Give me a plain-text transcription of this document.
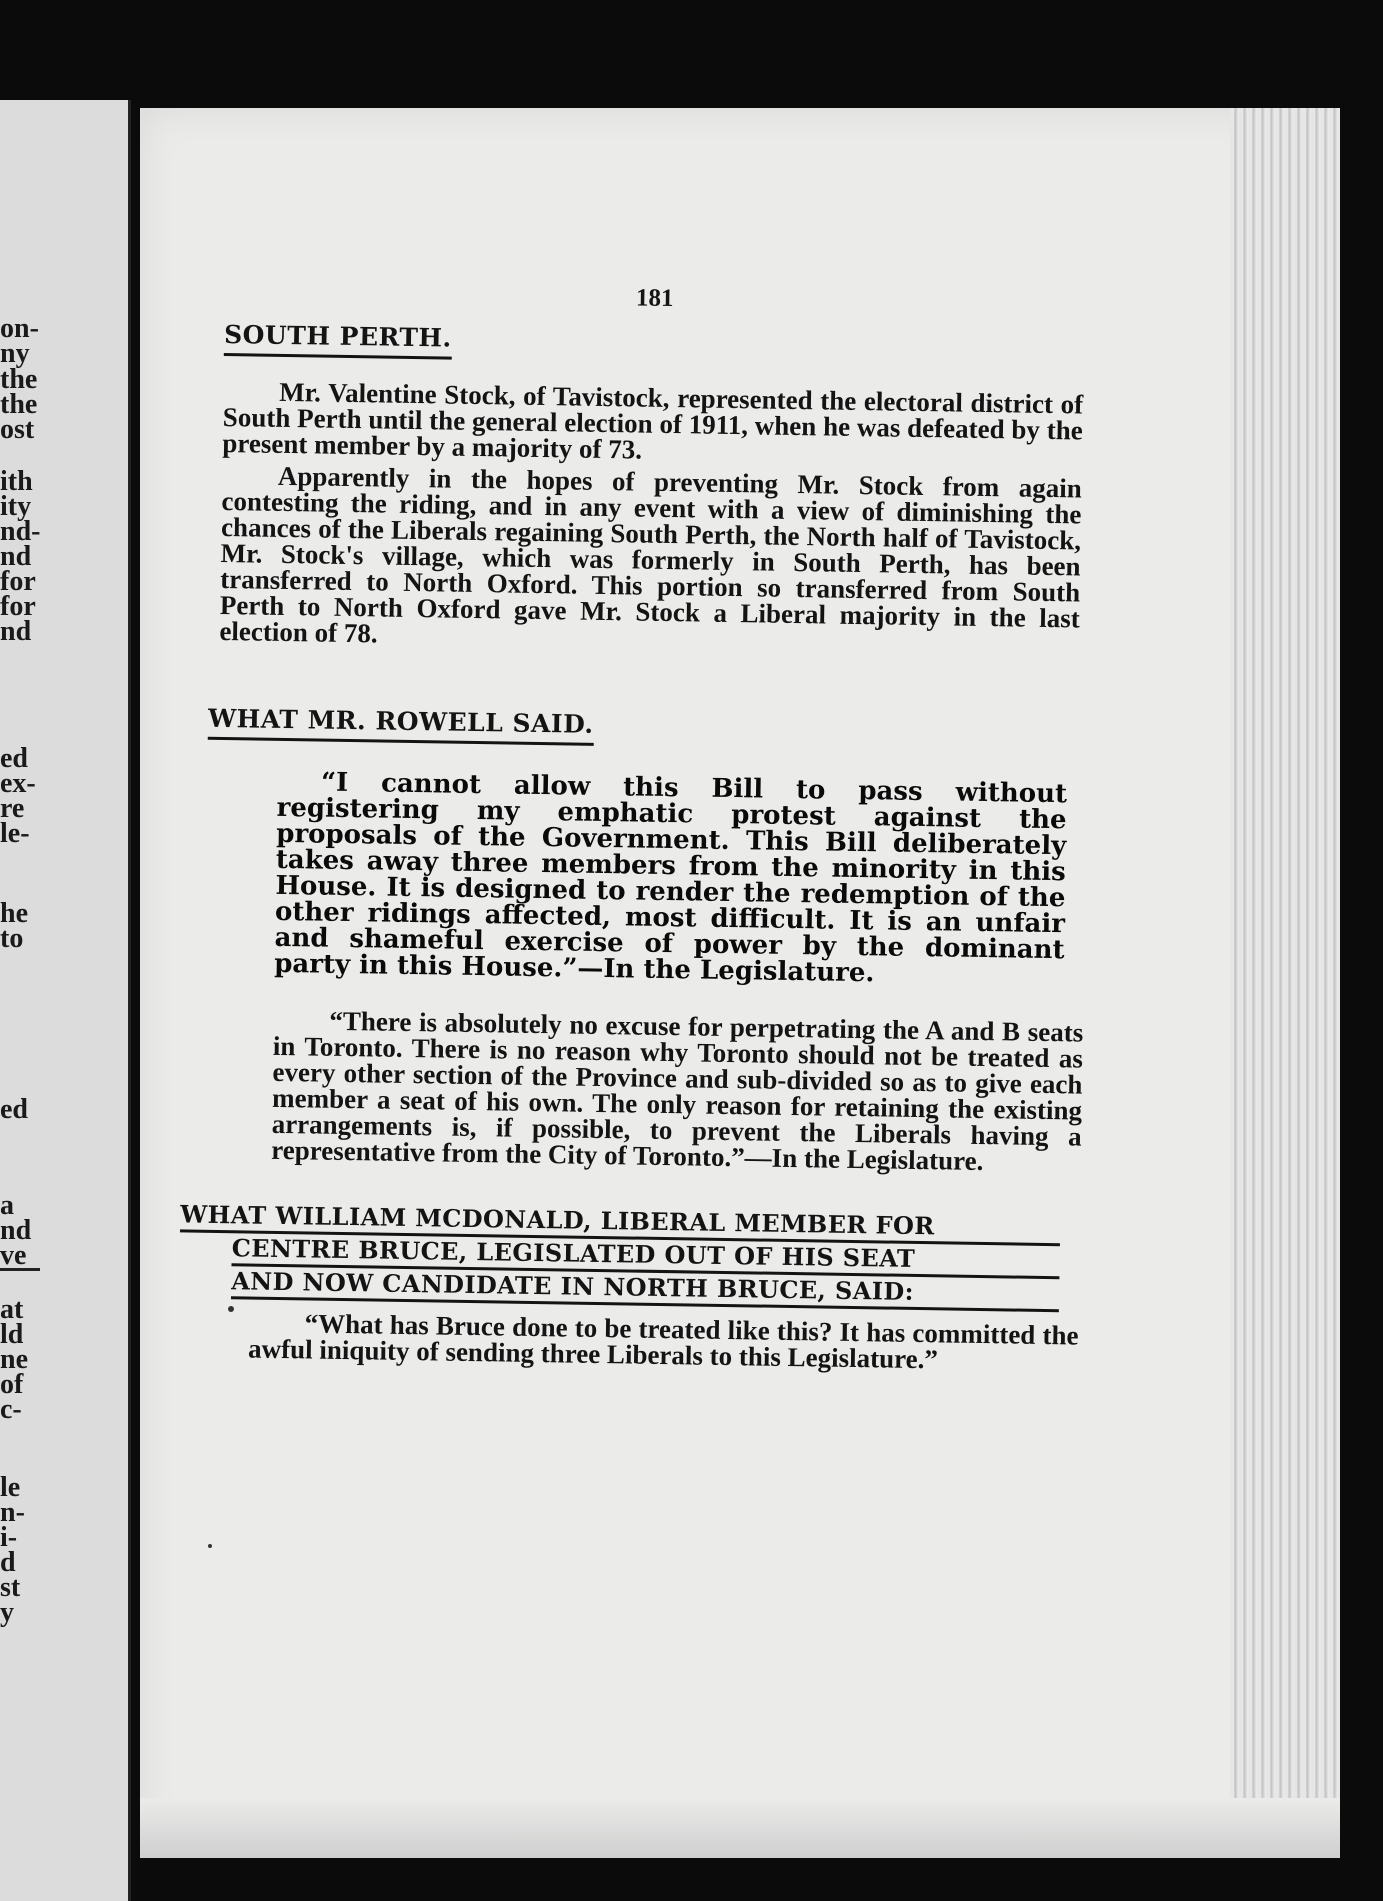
on-
ny
the
the
ost
ith
ity
nd-
nd
for
for
nd
ed
ex-
re
le-
he
to
ed
a
nd
ve
at
ld
ne
of
c-
le
n-
i-
d
st
y
181
SOUTH PERTH.

Mr. Valentine Stock, of Tavistock, represented the electoral district of South Perth until the general election of 1911, when he was defeated by the present member by a majority of 73.

Apparently in the hopes of preventing Mr. Stock from again contesting the riding, and in any event with a view of diminishing the chances of the Liberals regaining South Perth, the North half of Tavistock, Mr. Stock's village, which was formerly in South Perth, has been transferred to North Oxford. This portion so transferred from South Perth to North Oxford gave Mr. Stock a Liberal majority in the last election of 78.

WHAT MR. ROWELL SAID.

“I cannot allow this Bill to pass without registering my emphatic protest against the proposals of the Government. This Bill deliberately takes away three members from the minority in this House. It is designed to render the redemption of the other ridings affected, most difficult. It is an unfair and shameful exercise of power by the dominant party in this House.”—In the Legislature.

“There is absolutely no excuse for perpetrating the A and B seats in Toronto. There is no reason why Toronto should not be treated as every other section of the Province and sub-divided so as to give each member a seat of his own. The only reason for retaining the existing arrangements is, if possible, to prevent the Liberals having a representative from the City of Toronto.”—In the Legislature.

WHAT WILLIAM MCDONALD, LIBERAL MEMBER FOR
CENTRE BRUCE, LEGISLATED OUT OF HIS SEAT
AND NOW CANDIDATE IN NORTH BRUCE, SAID:

“What has Bruce done to be treated like this? It has committed the awful iniquity of sending three Liberals to this Legislature.”
